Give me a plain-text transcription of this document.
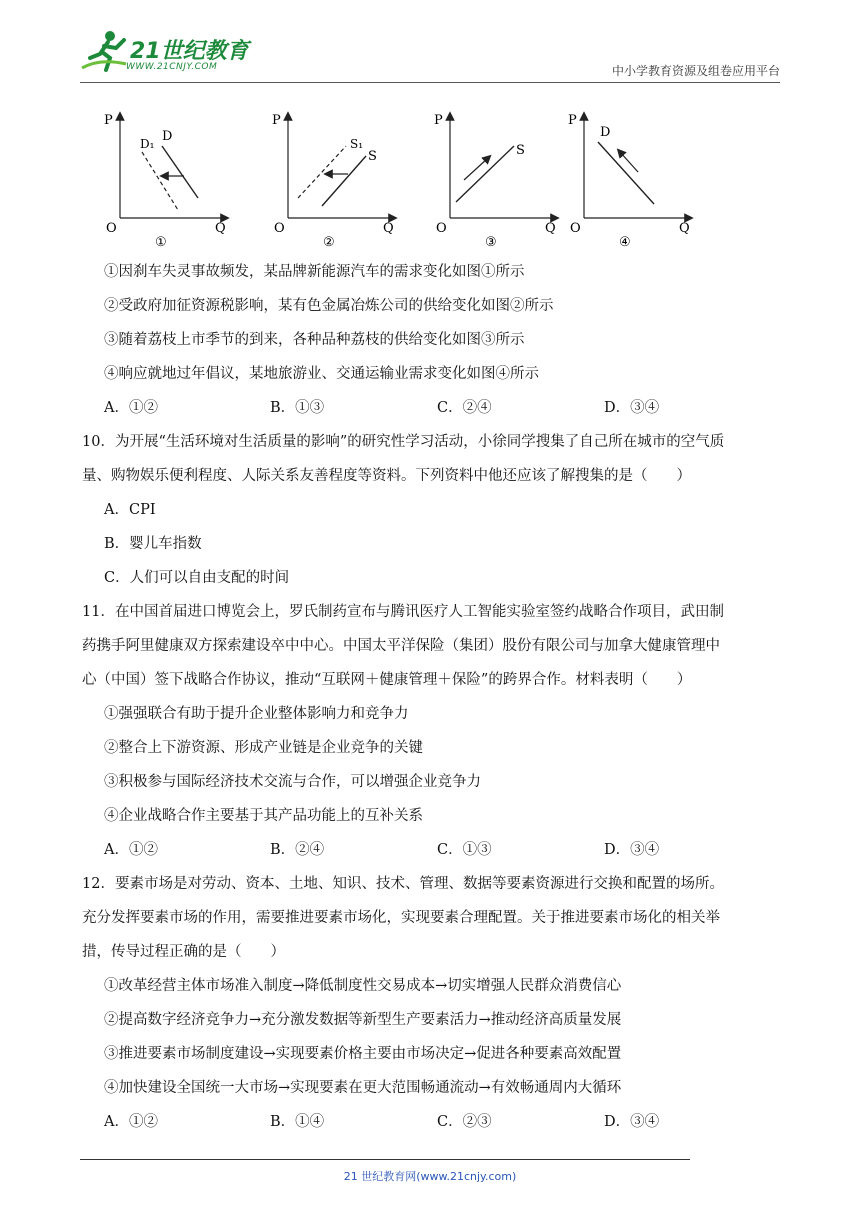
21世纪教育
WWW.21CNJY.COM	中小学教育资源及组卷应用平台
P
O	Q
D₁ D
①
P
O	Q
S₁
S
②
P
O	Q
S
③
P
O	Q
D
④
①因刹车失灵事故频发，某品牌新能源汽车的需求变化如图①所示
②受政府加征资源税影响，某有色金属冶炼公司的供给变化如图②所示
③随着荔枝上市季节的到来，各种品种荔枝的供给变化如图③所示
④响应就地过年倡议，某地旅游业、交通运输业需求变化如图④所示
A．①②	B．①③	C．②④	D．③④
10．为开展“生活环境对生活质量的影响”的研究性学习活动，小徐同学搜集了自己所在城市的空气质
量、购物娱乐便利程度、人际关系友善程度等资料。下列资料中他还应该了解搜集的是（　　）
A．CPI
B．婴儿车指数
C．人们可以自由支配的时间
11．在中国首届进口博览会上，罗氏制药宣布与腾讯医疗人工智能实验室签约战略合作项目，武田制
药携手阿里健康双方探索建设卒中中心。中国太平洋保险（集团）股份有限公司与加拿大健康管理中
心（中国）签下战略合作协议，推动“互联网＋健康管理＋保险”的跨界合作。材料表明（　　）
①强强联合有助于提升企业整体影响力和竞争力
②整合上下游资源、形成产业链是企业竞争的关键
③积极参与国际经济技术交流与合作，可以增强企业竞争力
④企业战略合作主要基于其产品功能上的互补关系
A．①②	B．②④	C．①③	D．③④
12．要素市场是对劳动、资本、土地、知识、技术、管理、数据等要素资源进行交换和配置的场所。
充分发挥要素市场的作用，需要推进要素市场化，实现要素合理配置。关于推进要素市场化的相关举
措，传导过程正确的是（　　）
①改革经营主体市场准入制度→降低制度性交易成本→切实增强人民群众消费信心
②提高数字经济竞争力→充分激发数据等新型生产要素活力→推动经济高质量发展
③推进要素市场制度建设→实现要素价格主要由市场决定→促进各种要素高效配置
④加快建设全国统一大市场→实现要素在更大范围畅通流动→有效畅通周内大循环
A．①②	B．①④	C．②③	D．③④
21 世纪教育网(www.21cnjy.com)
